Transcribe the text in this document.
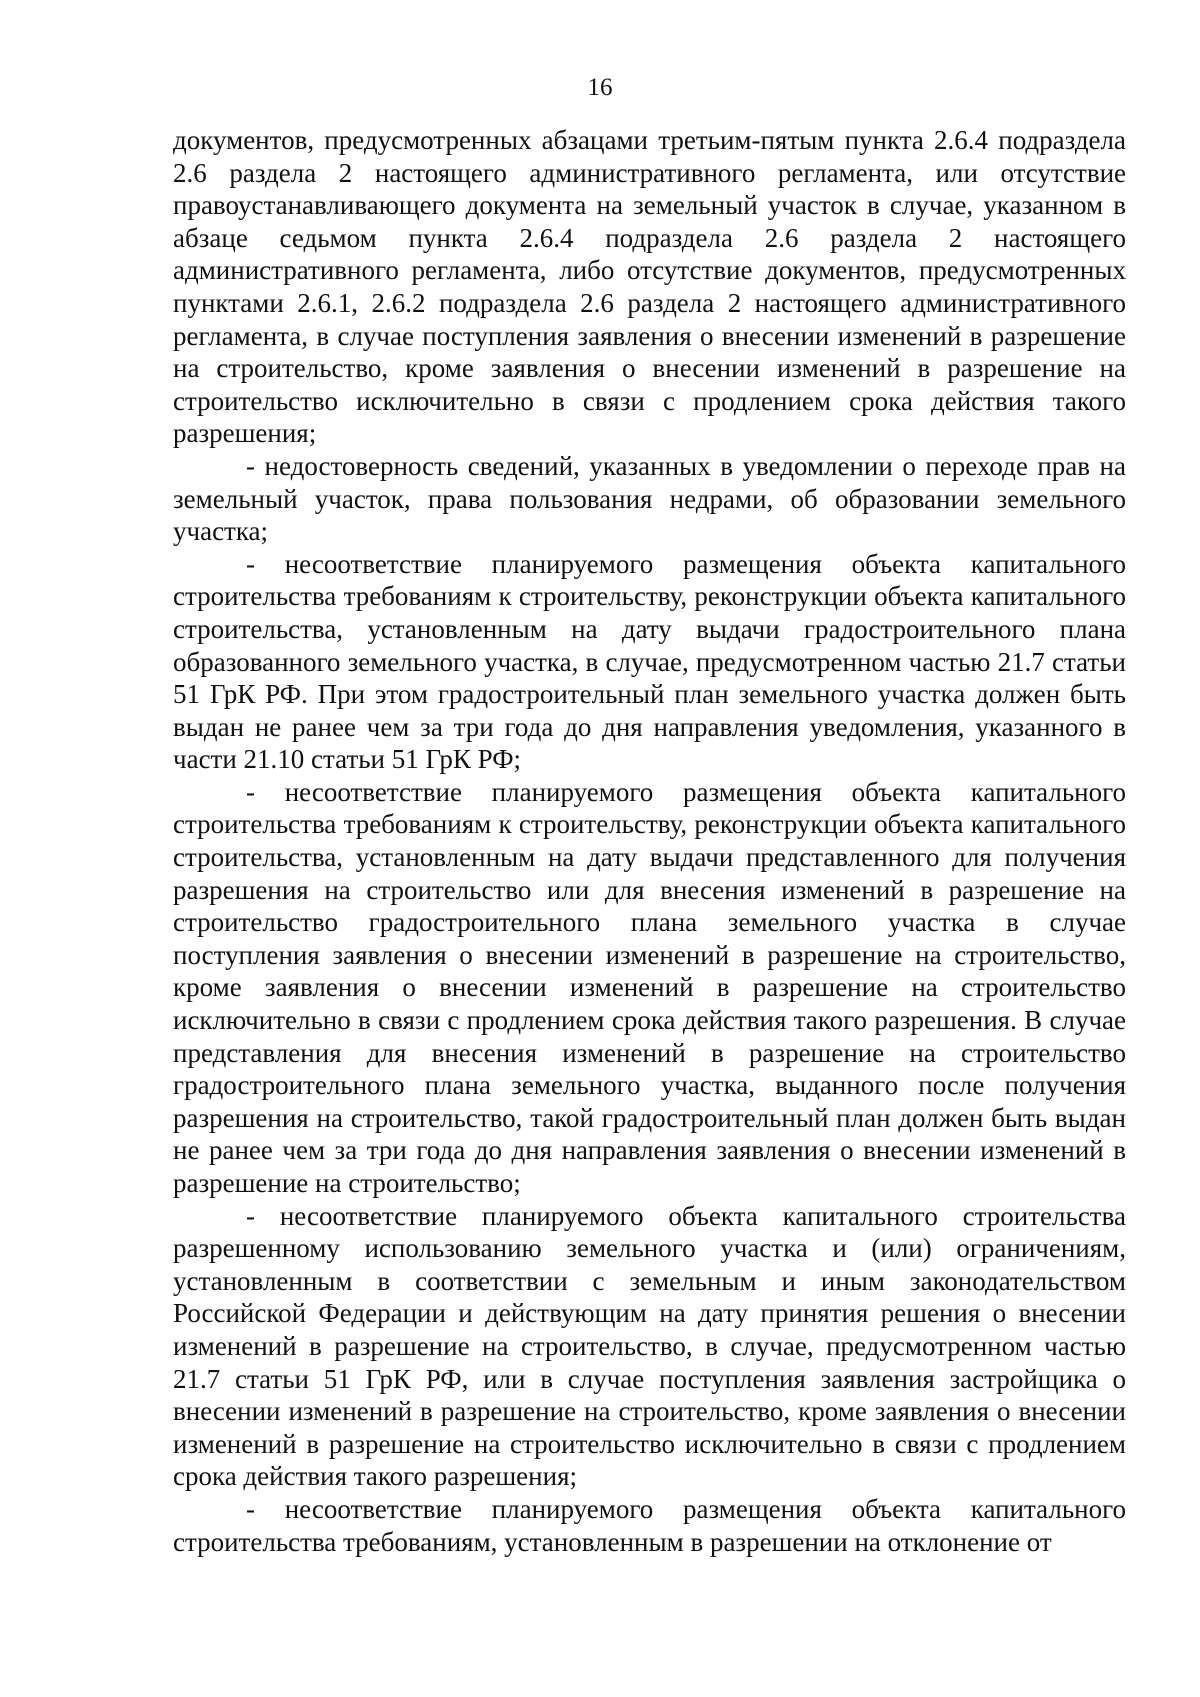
16

документов, предусмотренных абзацами третьим-пятым пункта 2.6.4 подраздела 2.6 раздела 2 настоящего административного регламента, или отсутствие правоустанавливающего документа на земельный участок в случае, указанном в абзаце седьмом пункта 2.6.4 подраздела 2.6 раздела 2 настоящего административного регламента, либо отсутствие документов, предусмотренных пунктами 2.6.1, 2.6.2 подраздела 2.6 раздела 2 настоящего административного регламента, в случае поступления заявления о внесении изменений в разрешение на строительство, кроме заявления о внесении изменений в разрешение на строительство исключительно в связи с продлением срока действия такого разрешения;

- недостоверность сведений, указанных в уведомлении о переходе прав на земельный участок, права пользования недрами, об образовании земельного участка;

- несоответствие планируемого размещения объекта капитального строительства требованиям к строительству, реконструкции объекта капитального строительства, установленным на дату выдачи градостроительного плана образованного земельного участка, в случае, предусмотренном частью 21.7 статьи 51 ГрК РФ. При этом градостроительный план земельного участка должен быть выдан не ранее чем за три года до дня направления уведомления, указанного в части 21.10 статьи 51 ГрК РФ;

- несоответствие планируемого размещения объекта капитального строительства требованиям к строительству, реконструкции объекта капитального строительства, установленным на дату выдачи представленного для получения разрешения на строительство или для внесения изменений в разрешение на строительство градостроительного плана земельного участка в случае поступления заявления о внесении изменений в разрешение на строительство, кроме заявления о внесении изменений в разрешение на строительство исключительно в связи с продлением срока действия такого разрешения. В случае представления для внесения изменений в разрешение на строительство градостроительного плана земельного участка, выданного после получения разрешения на строительство, такой градостроительный план должен быть выдан не ранее чем за три года до дня направления заявления о внесении изменений в разрешение на строительство;

- несоответствие планируемого объекта капитального строительства разрешенному использованию земельного участка и (или) ограничениям, установленным в соответствии с земельным и иным законодательством Российской Федерации и действующим на дату принятия решения о внесении изменений в разрешение на строительство, в случае, предусмотренном частью 21.7 статьи 51 ГрК РФ, или в случае поступления заявления застройщика о внесении изменений в разрешение на строительство, кроме заявления о внесении изменений в разрешение на строительство исключительно в связи с продлением срока действия такого разрешения;

- несоответствие планируемого размещения объекта капитального строительства требованиям, установленным в разрешении на отклонение от
